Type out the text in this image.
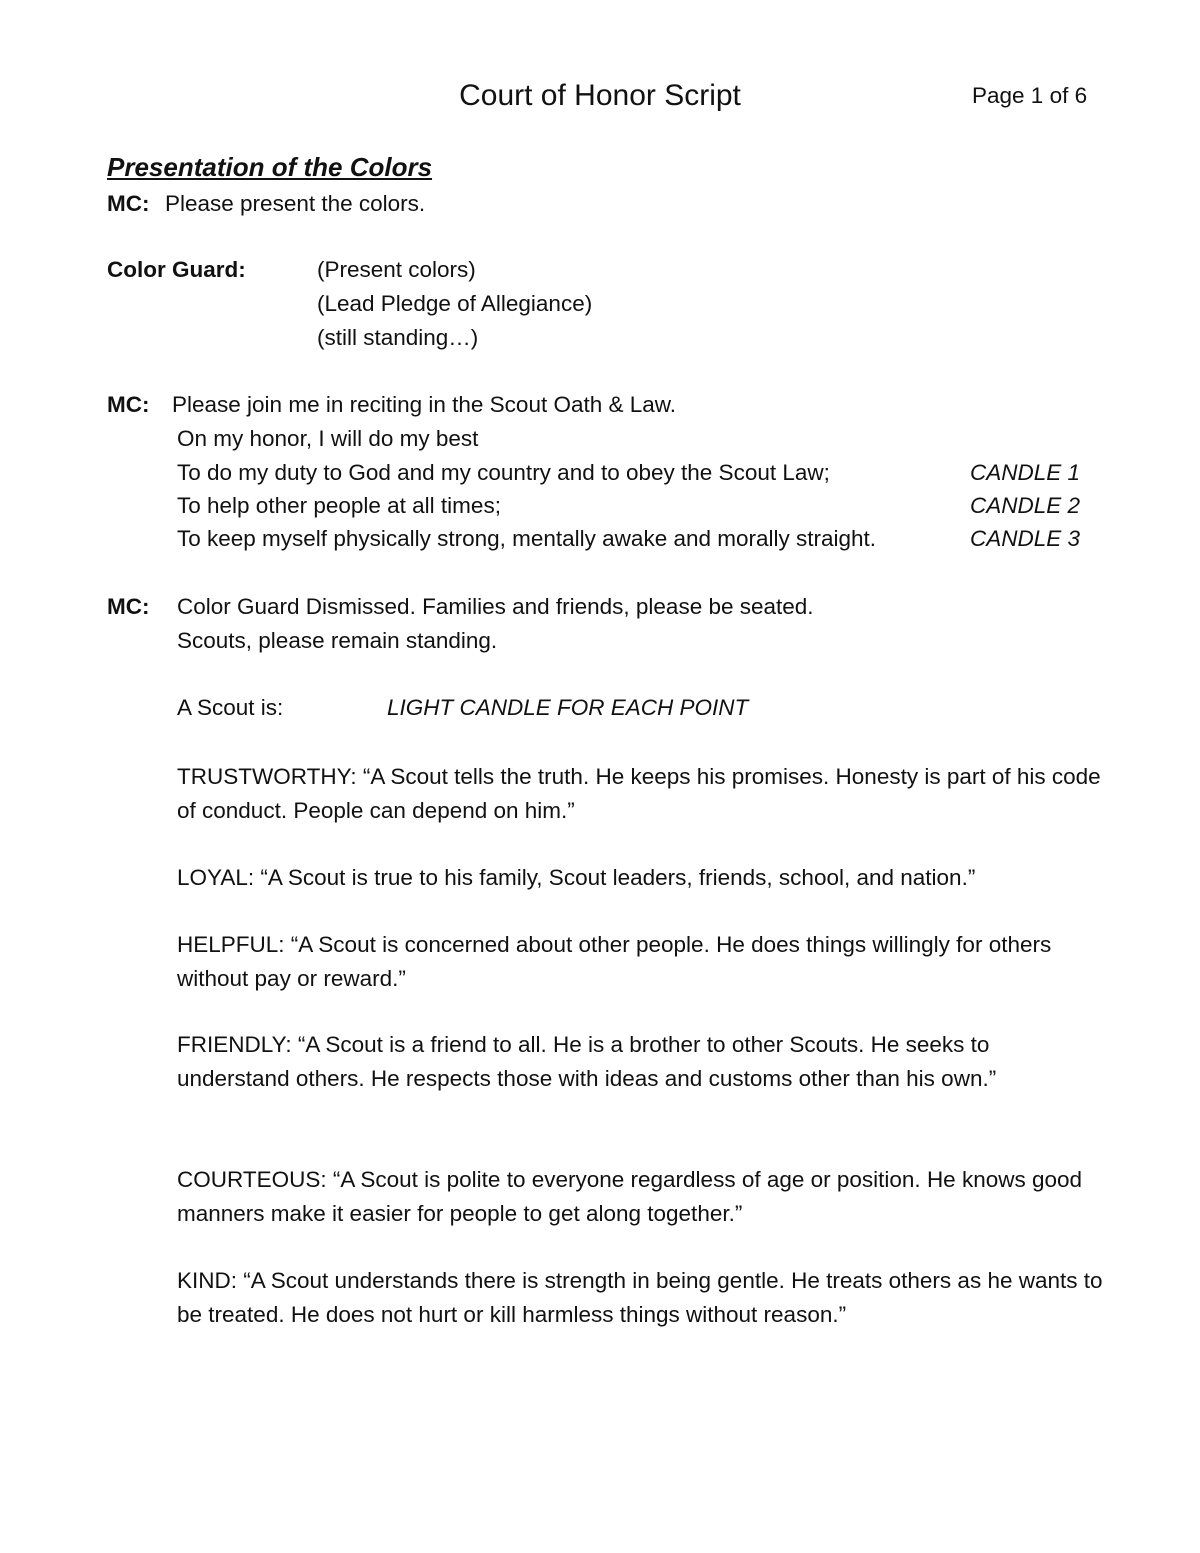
Court of Honor Script	Page 1 of 6
Presentation of the Colors
MC: Please present the colors.
Color Guard:	(Present colors)
(Lead Pledge of Allegiance)
(still standing…)
MC: Please join me in reciting in the Scout Oath & Law.
On my honor, I will do my best
To do my duty to God and my country and to obey the Scout Law;	CANDLE 1
To help other people at all times;	CANDLE 2
To keep myself physically strong, mentally awake and morally straight.	CANDLE 3
MC: Color Guard Dismissed. Families and friends, please be seated.
Scouts, please remain standing.
A Scout is:	LIGHT CANDLE FOR EACH POINT
TRUSTWORTHY: “A Scout tells the truth. He keeps his promises. Honesty is part of his code of conduct. People can depend on him.”
LOYAL: “A Scout is true to his family, Scout leaders, friends, school, and nation.”
HELPFUL: “A Scout is concerned about other people. He does things willingly for others without pay or reward.”
FRIENDLY: “A Scout is a friend to all. He is a brother to other Scouts. He seeks to understand others. He respects those with ideas and customs other than his own.”
COURTEOUS: “A Scout is polite to everyone regardless of age or position. He knows good manners make it easier for people to get along together.”
KIND: “A Scout understands there is strength in being gentle. He treats others as he wants to be treated. He does not hurt or kill harmless things without reason.”
